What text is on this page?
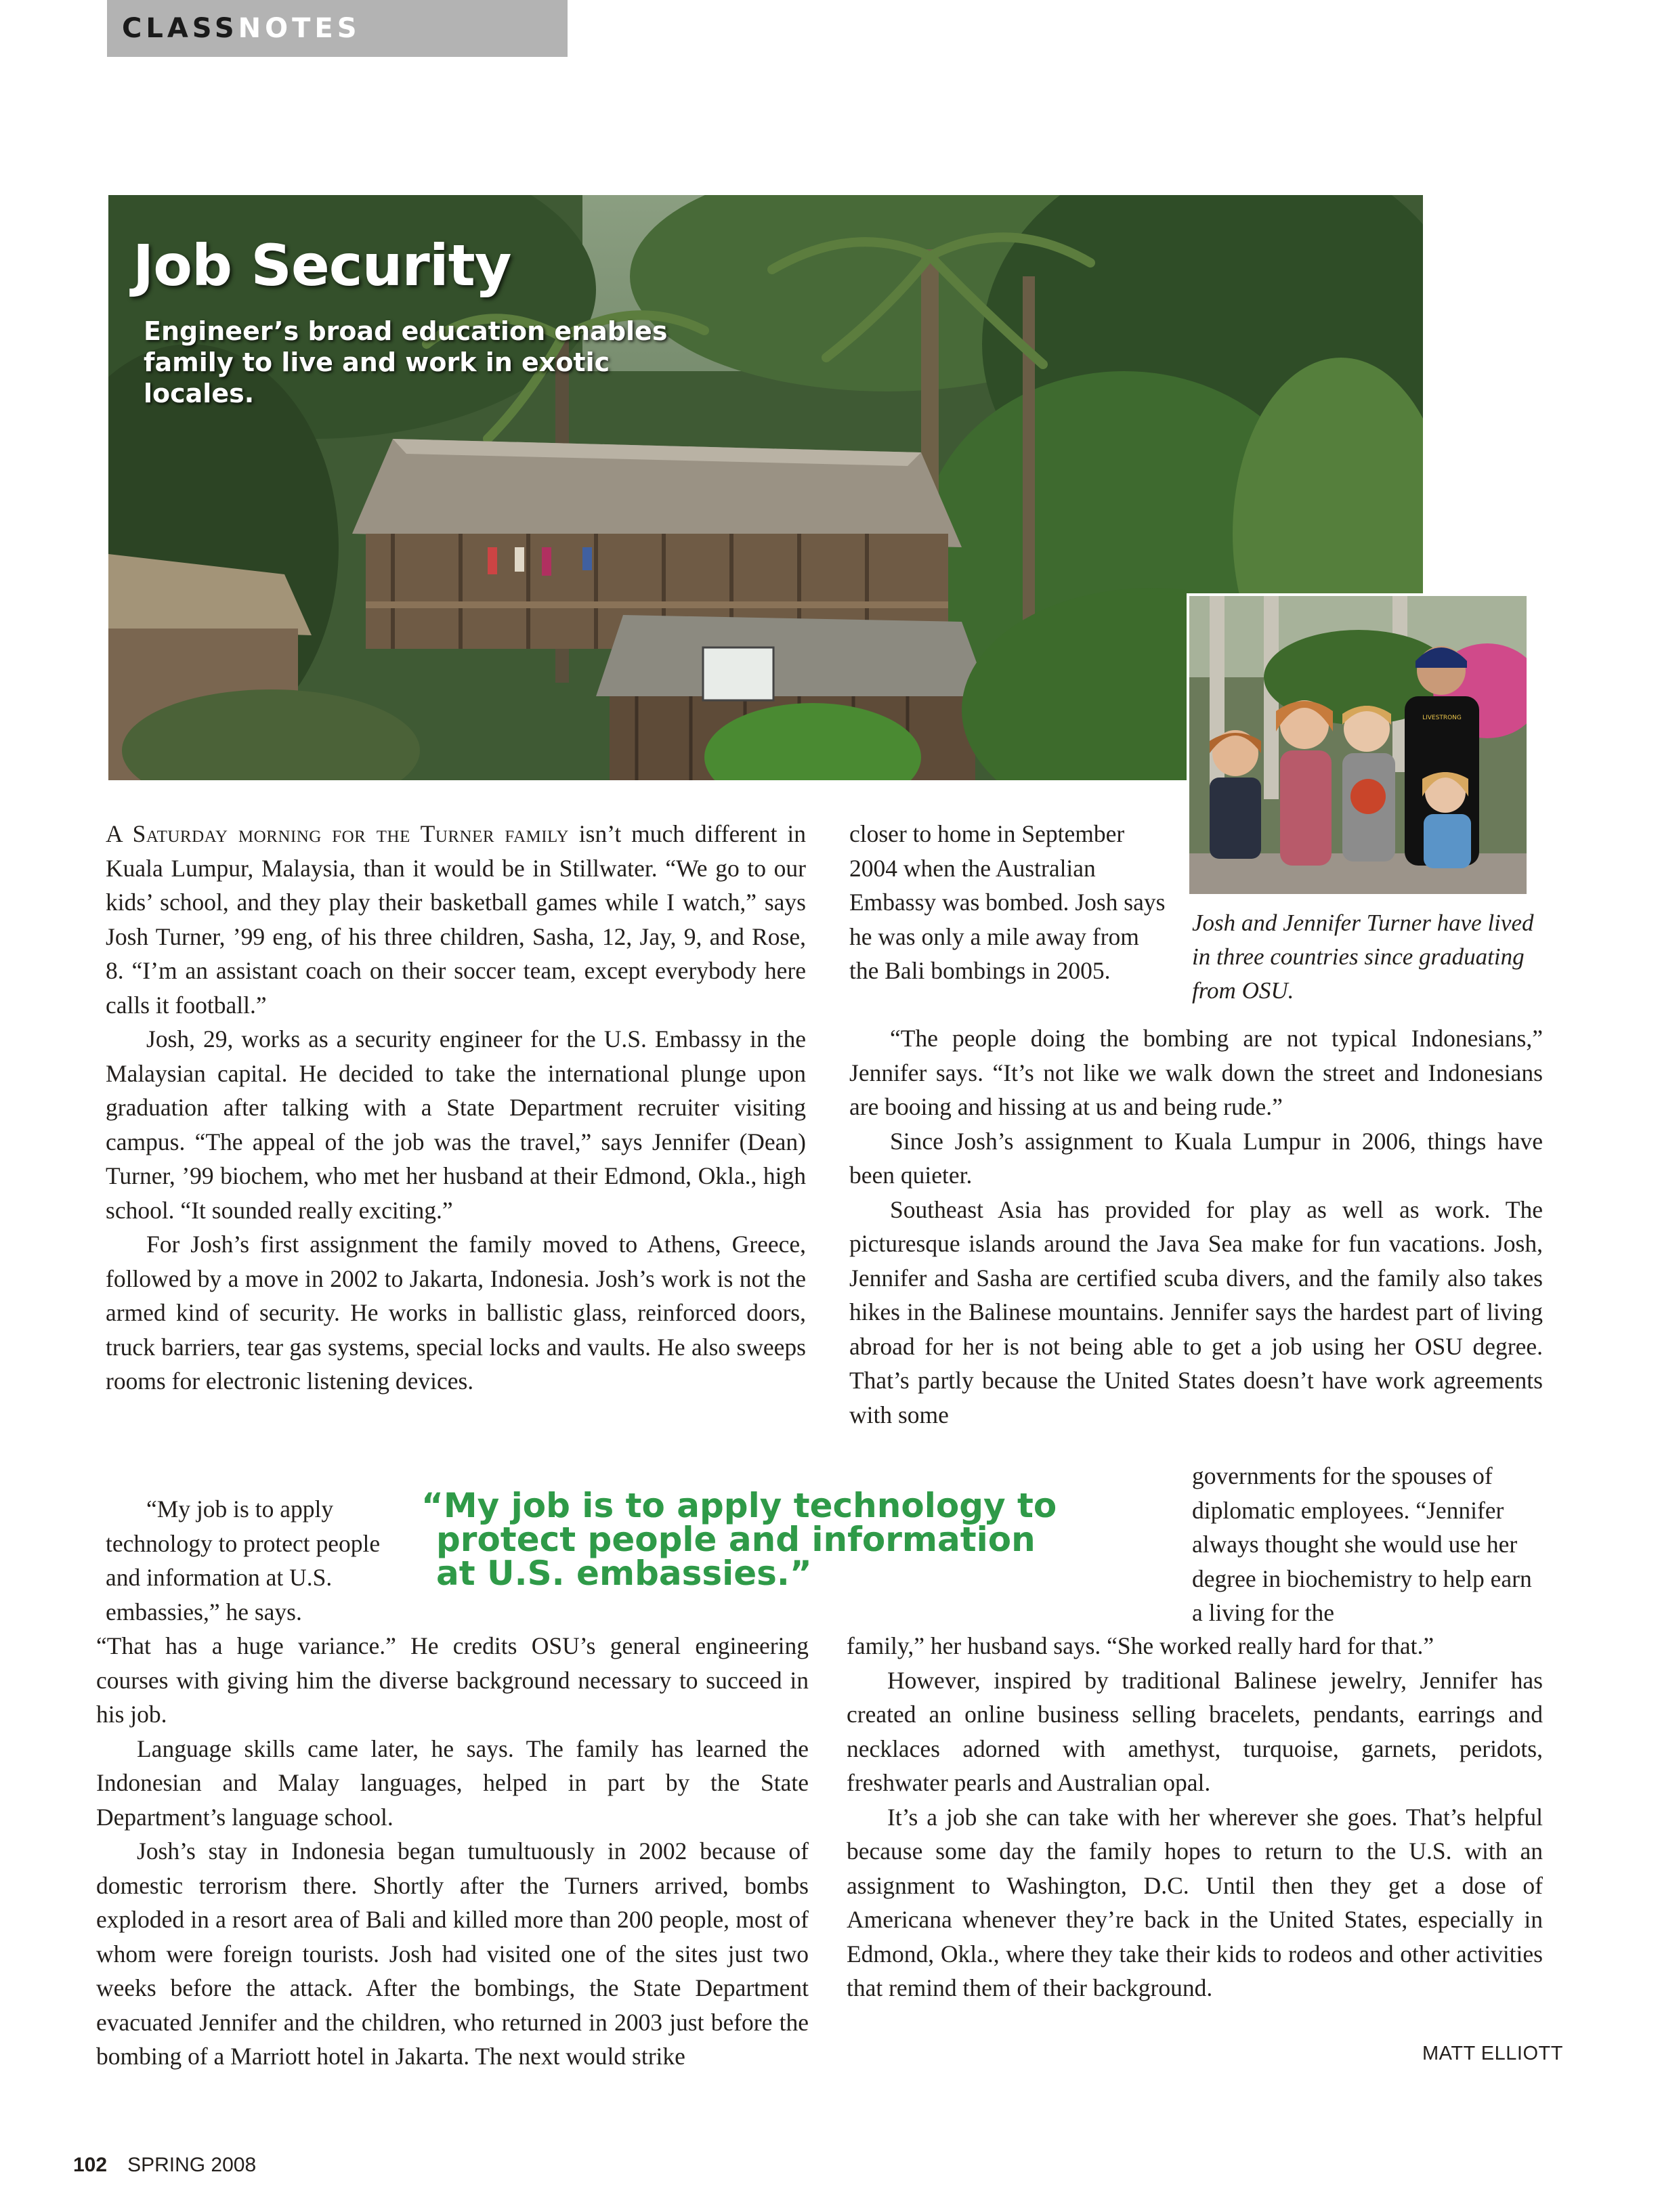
CLASS NOTES
Job Security

Engineer’s broad education enables family to live and work in exotic locales.

LIVESTRONG

Josh and Jennifer Turner have lived in three countries since graduating from OSU.

A Saturday morning for the Turner family isn’t much different in Kuala Lumpur, Malaysia, than it would be in Stillwater. “We go to our kids’ school, and they play their basketball games while I watch,” says Josh Turner, ’99 eng, of his three children, Sasha, 12, Jay, 9, and Rose, 8. “I’m an assistant coach on their soccer team, except everybody here calls it football.”

Josh, 29, works as a security engineer for the U.S. Embassy in the Malaysian capital. He decided to take the international plunge upon graduation after talking with a State Department recruiter visiting campus. “The appeal of the job was the travel,” says Jennifer (Dean) Turner, ’99 biochem, who met her husband at their Edmond, Okla., high school. “It sounded really exciting.”

For Josh’s first assignment the family moved to Athens, Greece, followed by a move in 2002 to Jakarta, Indonesia. Josh’s work is not the armed kind of security. He works in ballistic glass, reinforced doors, truck barriers, tear gas systems, special locks and vaults. He also sweeps rooms for electronic listening devices.

“My job is to apply technology to protect people and information at U.S. embassies,” he says.

“That has a huge variance.” He credits OSU’s general engineering courses with giving him the diverse background necessary to succeed in his job.

Language skills came later, he says. The family has learned the Indonesian and Malay languages, helped in part by the State Department’s language school.

Josh’s stay in Indonesia began tumultuously in 2002 because of domestic terrorism there. Shortly after the Turners arrived, bombs exploded in a resort area of Bali and killed more than 200 people, most of whom were foreign tourists. Josh had visited one of the sites just two weeks before the attack. After the bombings, the State Department evacuated Jennifer and the children, who returned in 2003 just before the bombing of a Marriott hotel in Jakarta. The next would strike

closer to home in September 2004 when the Australian Embassy was bombed. Josh says he was only a mile away from the Bali bombings in 2005.

“The people doing the bombing are not typical Indonesians,” Jennifer says. “It’s not like we walk down the street and Indonesians are booing and hissing at us and being rude.”

Since Josh’s assignment to Kuala Lumpur in 2006, things have been quieter.

Southeast Asia has provided for play as well as work. The picturesque islands around the Java Sea make for fun vacations. Josh, Jennifer and Sasha are certified scuba divers, and the family also takes hikes in the Balinese mountains. Jennifer says the hardest part of living abroad for her is not being able to get a job using her OSU degree. That’s partly because the United States doesn’t have work agreements with some

governments for the spouses of diplomatic employees. “Jennifer always thought she would use her degree in biochemistry to help earn a living for the

family,” her husband says. “She worked really hard for that.”

However, inspired by traditional Balinese jewelry, Jennifer has created an online business selling bracelets, pendants, earrings and necklaces adorned with amethyst, turquoise, garnets, peridots, freshwater pearls and Australian opal.

It’s a job she can take with her wherever she goes. That’s helpful because some day the family hopes to return to the U.S. with an assignment to Washington, D.C. Until then they get a dose of Americana whenever they’re back in the United States, especially in Edmond, Okla., where they take their kids to rodeos and other activities that remind them of their background.

“My job is to apply technology to
protect people and information
at U.S. embassies.”

MATT ELLIOTT

102 SPRING 2008
